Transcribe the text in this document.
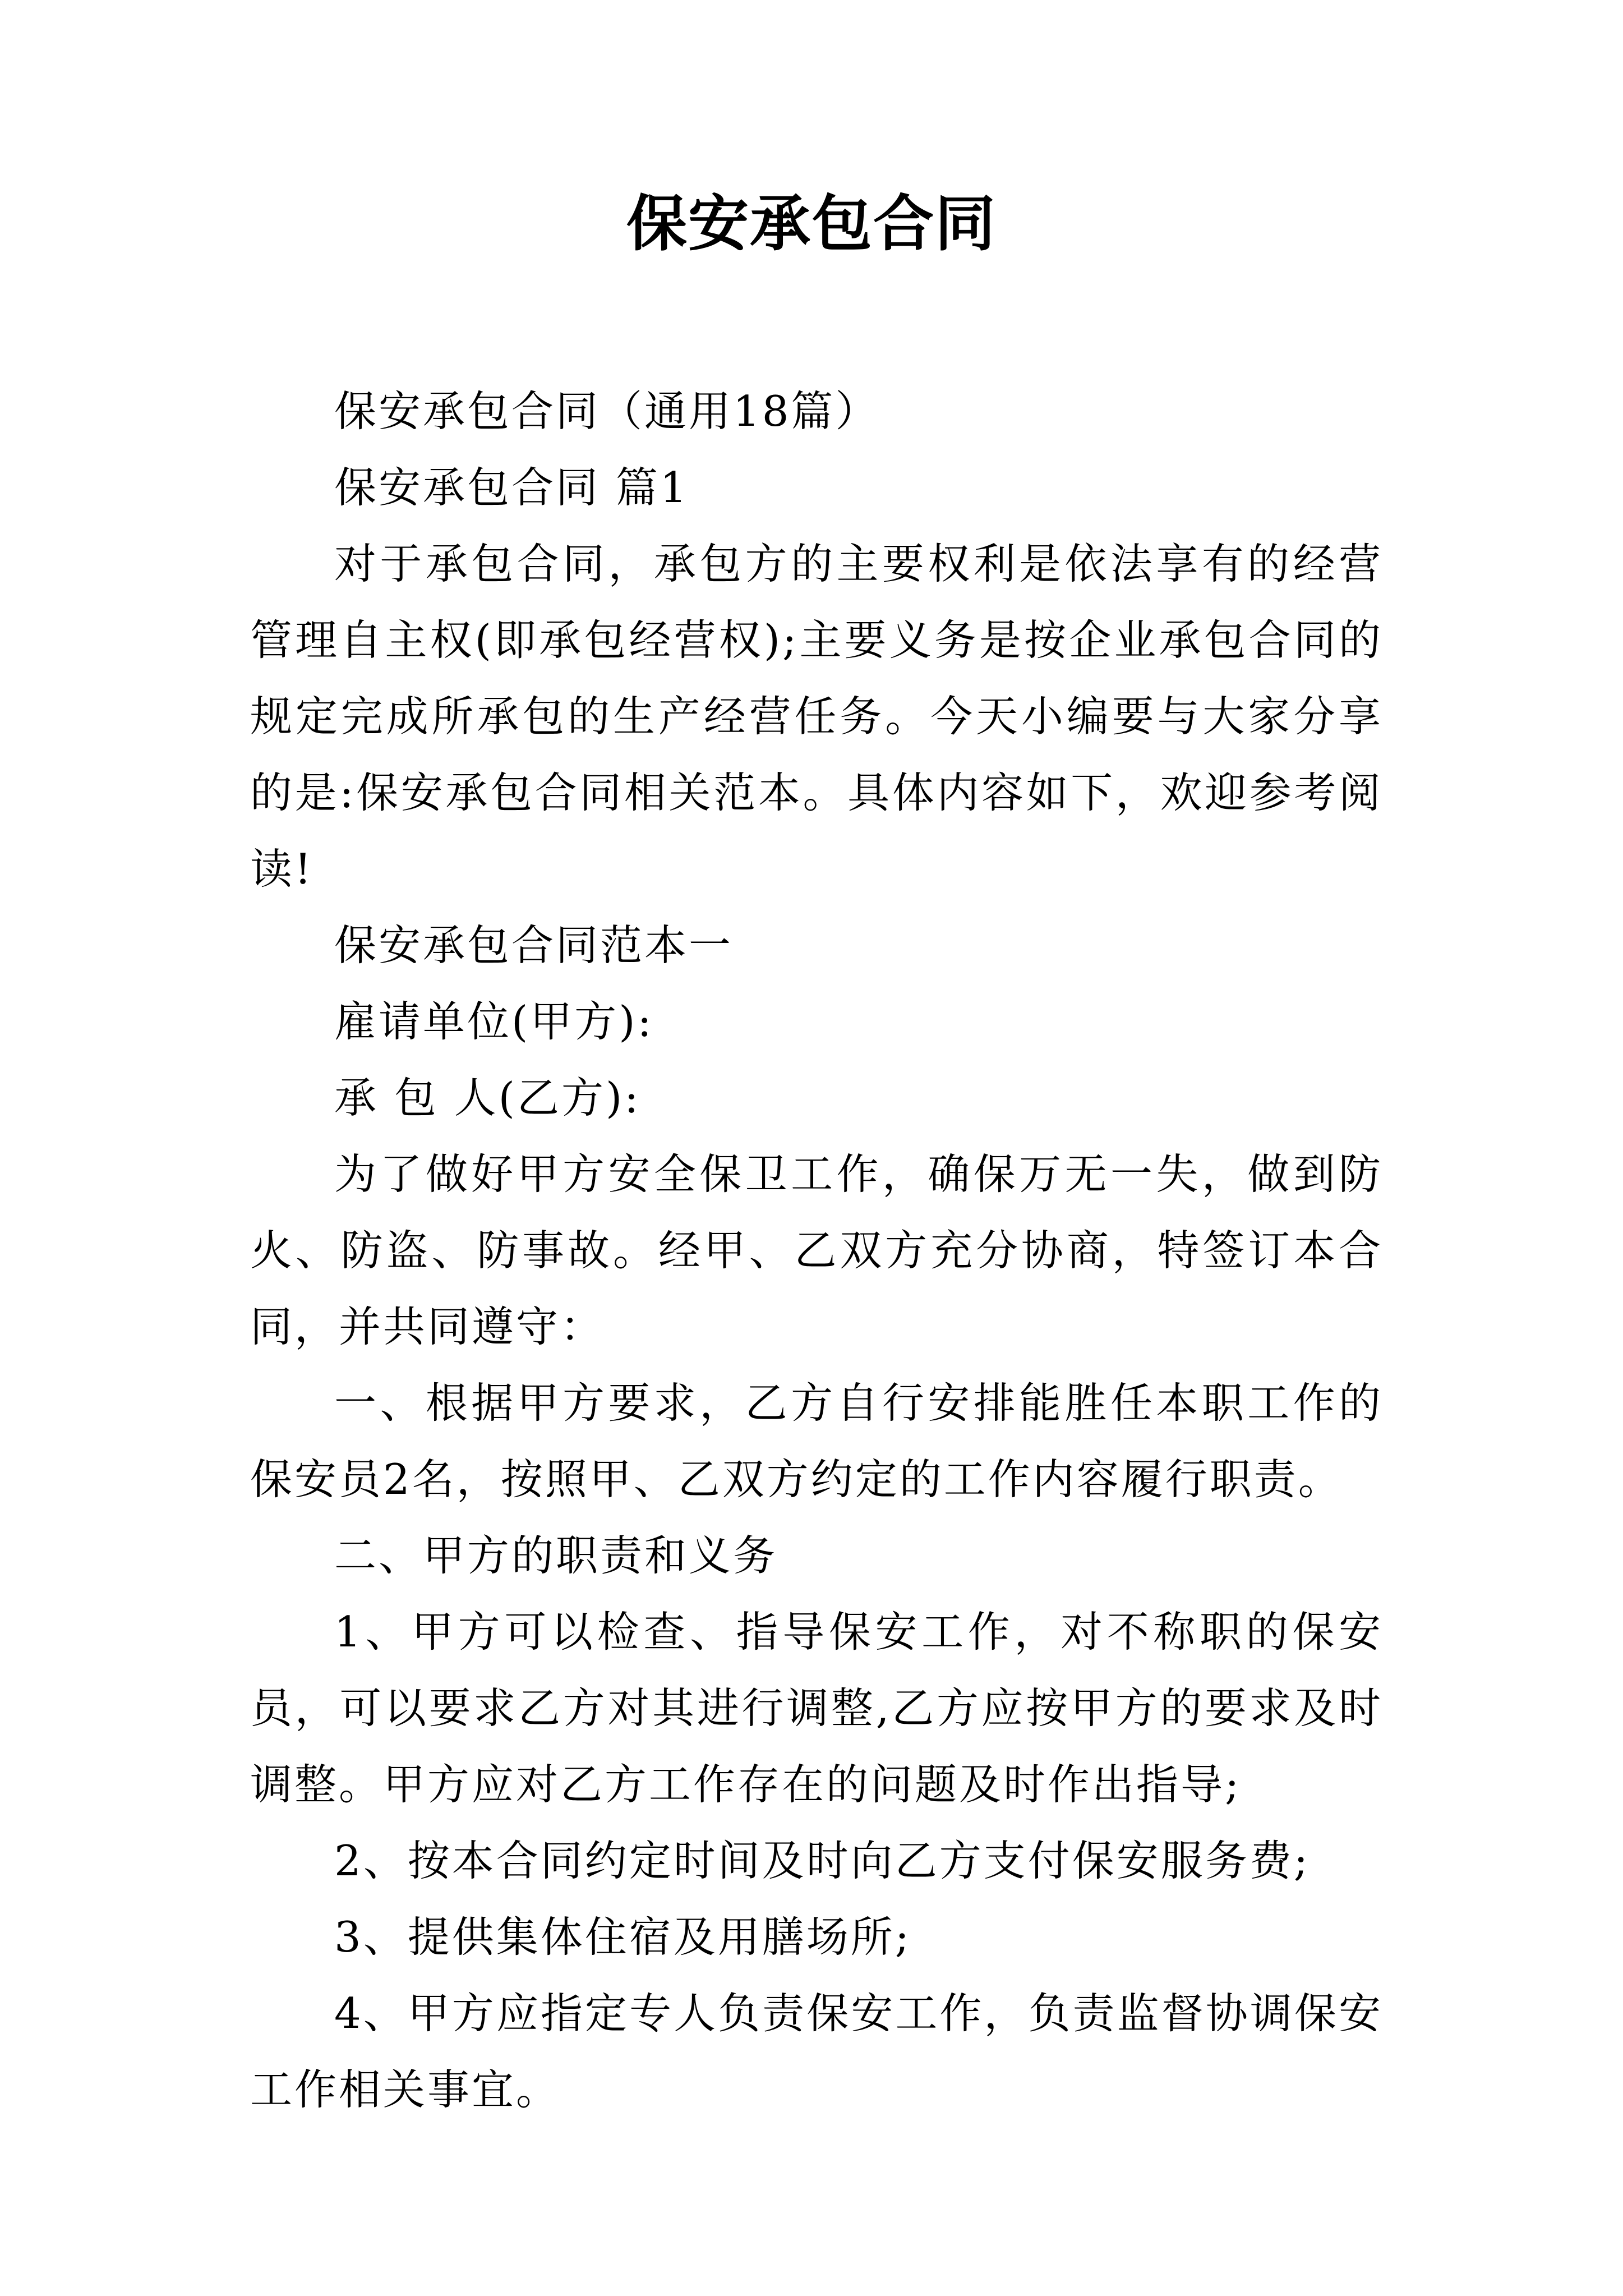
保安承包合同

保安承包合同（通用18篇）

保安承包合同 篇1

对于承包合同，承包方的主要权利是依法享有的经营管理自主权(即承包经营权);主要义务是按企业承包合同的规定完成所承包的生产经营任务。今天小编要与大家分享的是:保安承包合同相关范本。具体内容如下，欢迎参考阅读!

保安承包合同范本一

雇请单位(甲方):

承 包 人(乙方):

为了做好甲方安全保卫工作，确保万无一失，做到防火、防盗、防事故。经甲、乙双方充分协商，特签订本合同，并共同遵守：

一、根据甲方要求，乙方自行安排能胜任本职工作的保安员2名，按照甲、乙双方约定的工作内容履行职责。

二、甲方的职责和义务

1、甲方可以检查、指导保安工作，对不称职的保安员，可以要求乙方对其进行调整,乙方应按甲方的要求及时调整。甲方应对乙方工作存在的问题及时作出指导;

2、按本合同约定时间及时向乙方支付保安服务费;

3、提供集体住宿及用膳场所;

4、甲方应指定专人负责保安工作，负责监督协调保安工作相关事宜。
